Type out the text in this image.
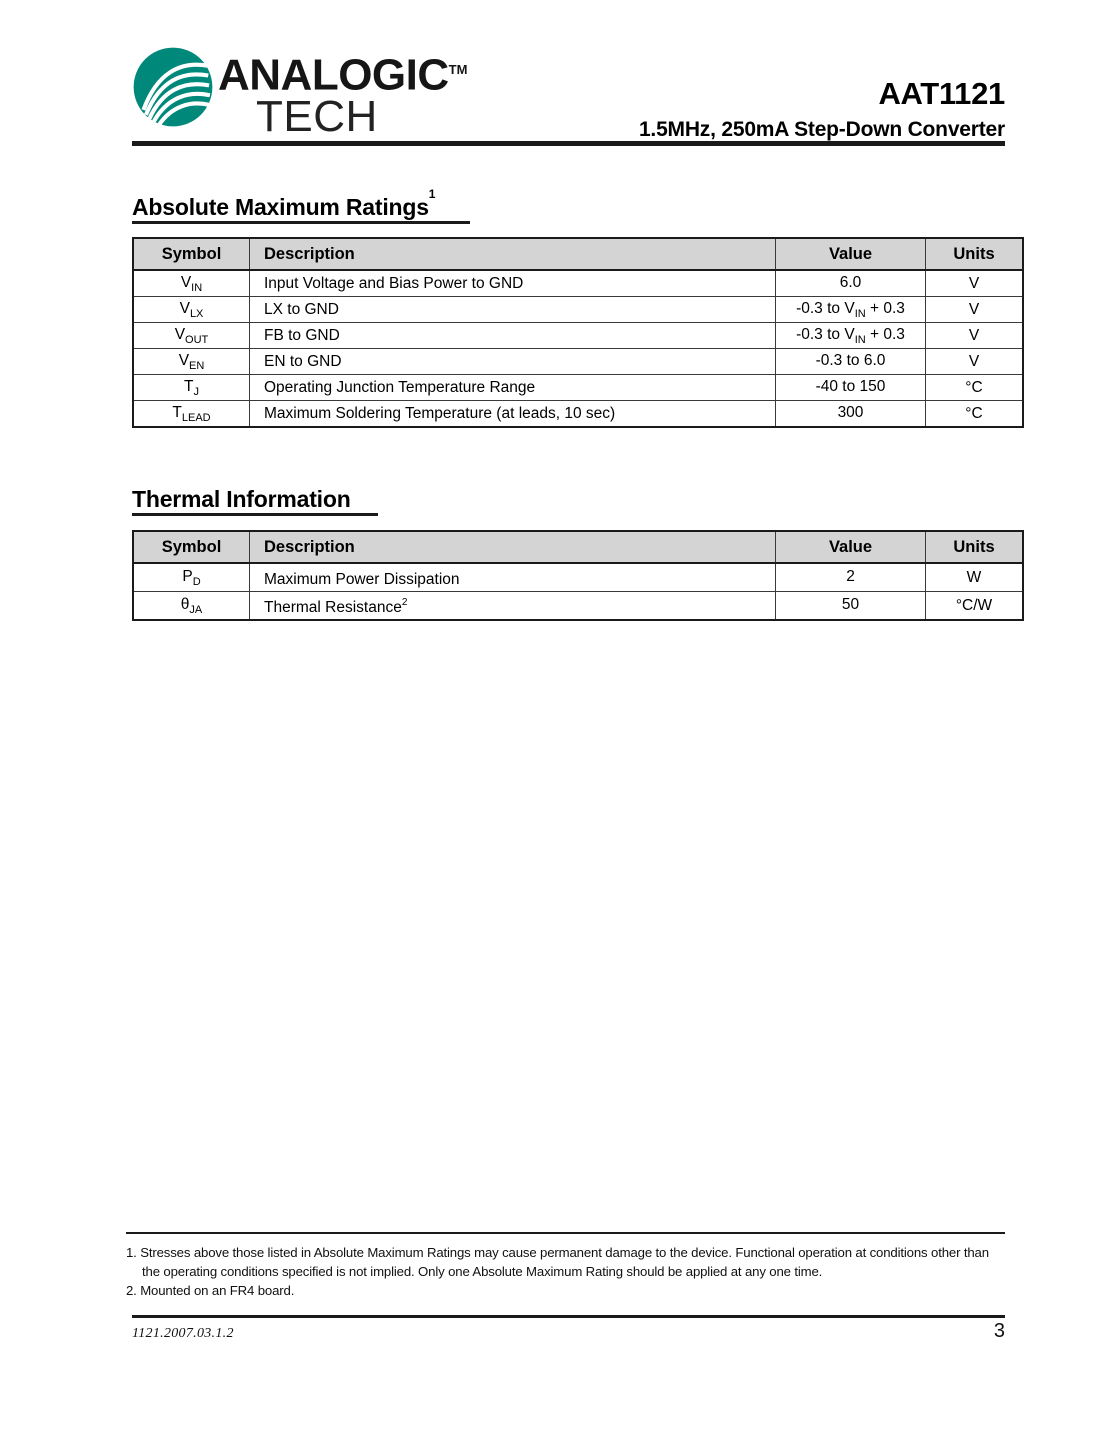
ANALOGIC™
TECH	AAT1121
1.5MHz, 250mA Step-Down Converter
Absolute Maximum Ratings$^1$
Symbol	Description	Value	Units
$V_{IN}$	Input Voltage and Bias Power to GND	6.0	V
$V_{LX}$	LX to GND	-0.3 to $V_{IN} + 0.3$	V
$V_{OUT}$	FB to GND	-0.3 to $V_{IN} + 0.3$	V
$V_{EN}$	EN to GND	-0.3 to 6.0	V
$T_J$	Operating Junction Temperature Range	-40 to 150	°C
$T_{LEAD}$	Maximum Soldering Temperature (at leads, 10 sec)	300	°C
Thermal Information
Symbol	Description	Value	Units
$P_D$	Maximum Power Dissipation	2	W
$\theta_{JA}$	Thermal Resistance$^2$	50	°C/W
1. Stresses above those listed in Absolute Maximum Ratings may cause permanent damage to the device. Functional operation at conditions other than the operating conditions specified is not implied. Only one Absolute Maximum Rating should be applied at any one time.
2. Mounted on an FR4 board.
1121.2007.03.1.2	3
